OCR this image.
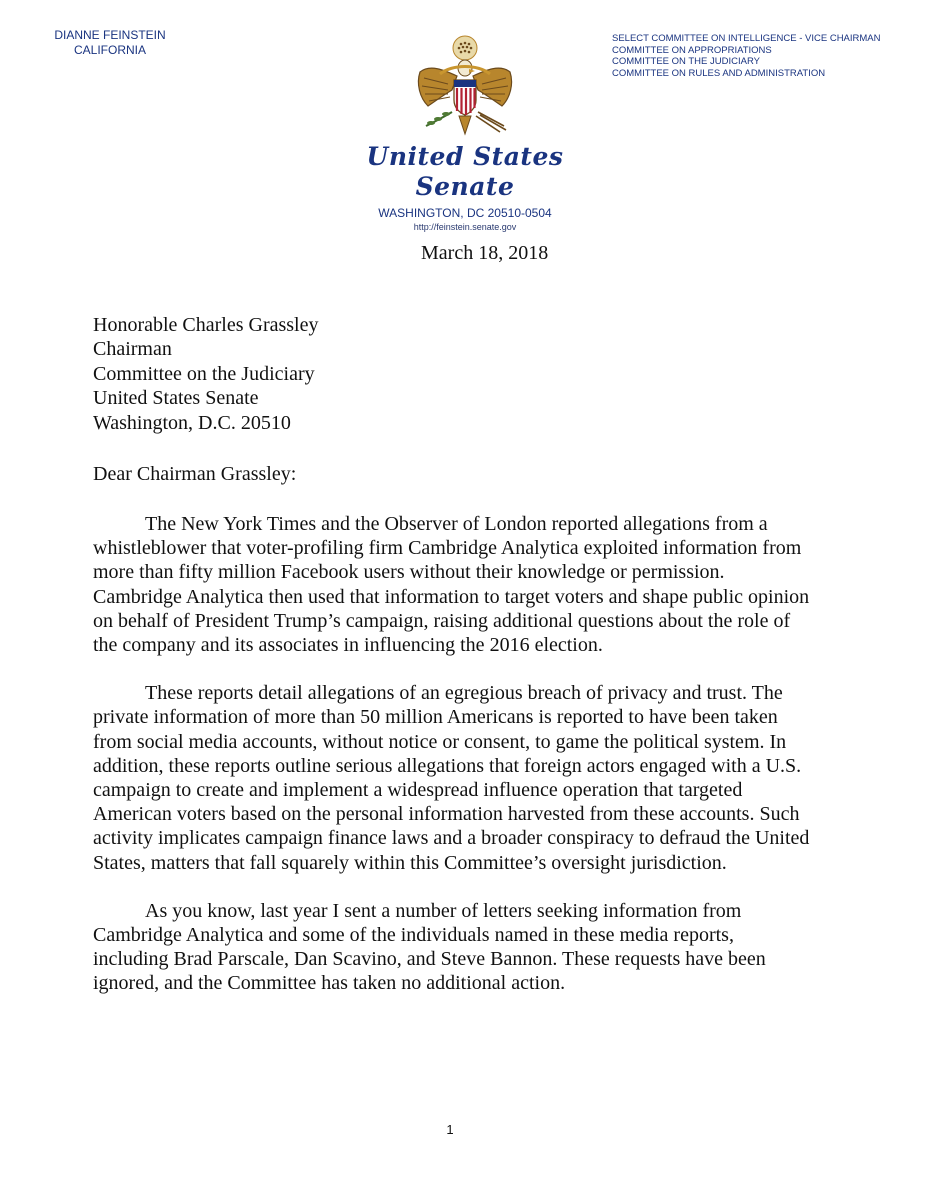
DIANNE FEINSTEIN
CALIFORNIA
SELECT COMMITTEE ON INTELLIGENCE - VICE CHAIRMAN
COMMITTEE ON APPROPRIATIONS
COMMITTEE ON THE JUDICIARY
COMMITTEE ON RULES AND ADMINISTRATION
United States Senate
WASHINGTON, DC 20510-0504
http://feinstein.senate.gov
March 18, 2018
Honorable Charles Grassley
Chairman
Committee on the Judiciary
United States Senate
Washington, D.C. 20510
Dear Chairman Grassley:

The New York Times and the Observer of London reported allegations from a whistleblower that voter-profiling firm Cambridge Analytica exploited information from more than fifty million Facebook users without their knowledge or permission. Cambridge Analytica then used that information to target voters and shape public opinion on behalf of President Trump’s campaign, raising additional questions about the role of the company and its associates in influencing the 2016 election.

These reports detail allegations of an egregious breach of privacy and trust. The private information of more than 50 million Americans is reported to have been taken from social media accounts, without notice or consent, to game the political system. In addition, these reports outline serious allegations that foreign actors engaged with a U.S. campaign to create and implement a widespread influence operation that targeted American voters based on the personal information harvested from these accounts. Such activity implicates campaign finance laws and a broader conspiracy to defraud the United States, matters that fall squarely within this Committee’s oversight jurisdiction.

As you know, last year I sent a number of letters seeking information from Cambridge Analytica and some of the individuals named in these media reports, including Brad Parscale, Dan Scavino, and Steve Bannon. These requests have been ignored, and the Committee has taken no additional action.

1
